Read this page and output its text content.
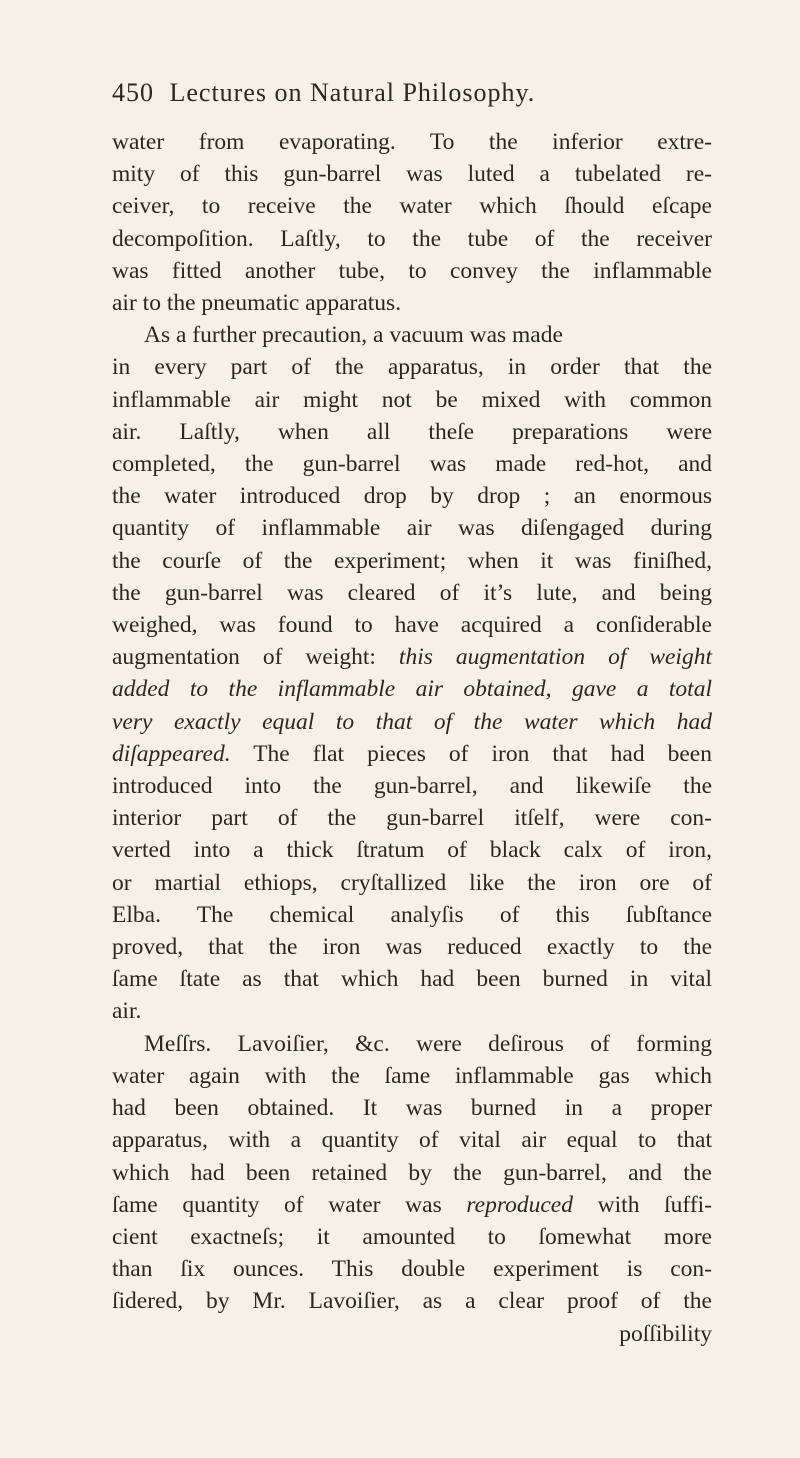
450 Lectures on Natural Philosophy.
water from evaporating. To the inferior extre-
mity of this gun-barrel was luted a tubelated re-
ceiver, to receive the water which ſhould eſcape
decompoſition. Laſtly, to the tube of the receiver
was fitted another tube, to convey the inflammable
air to the pneumatic apparatus.
As a further precaution, a vacuum was made
in every part of the apparatus, in order that the
inflammable air might not be mixed with common
air. Laſtly, when all theſe preparations were
completed, the gun-barrel was made red-hot, and
the water introduced drop by drop ; an enormous
quantity of inflammable air was diſengaged during
the courſe of the experiment; when it was finiſhed,
the gun-barrel was cleared of it’s lute, and being
weighed, was found to have acquired a conſiderable
augmentation of weight: this augmentation of weight
added to the inflammable air obtained, gave a total
very exactly equal to that of the water which had
diſappeared. The flat pieces of iron that had been
introduced into the gun-barrel, and likewiſe the
interior part of the gun-barrel itſelf, were con-
verted into a thick ſtratum of black calx of iron,
or martial ethiops, cryſtallized like the iron ore of
Elba. The chemical analyſis of this ſubſtance
proved, that the iron was reduced exactly to the
ſame ſtate as that which had been burned in vital
air.
Meſſrs. Lavoiſier, &c. were deſirous of forming
water again with the ſame inflammable gas which
had been obtained. It was burned in a proper
apparatus, with a quantity of vital air equal to that
which had been retained by the gun-barrel, and the
ſame quantity of water was reproduced with ſuffi-
cient exactneſs; it amounted to ſomewhat more
than ſix ounces. This double experiment is con-
ſidered, by Mr. Lavoiſier, as a clear proof of the
poſſibility
